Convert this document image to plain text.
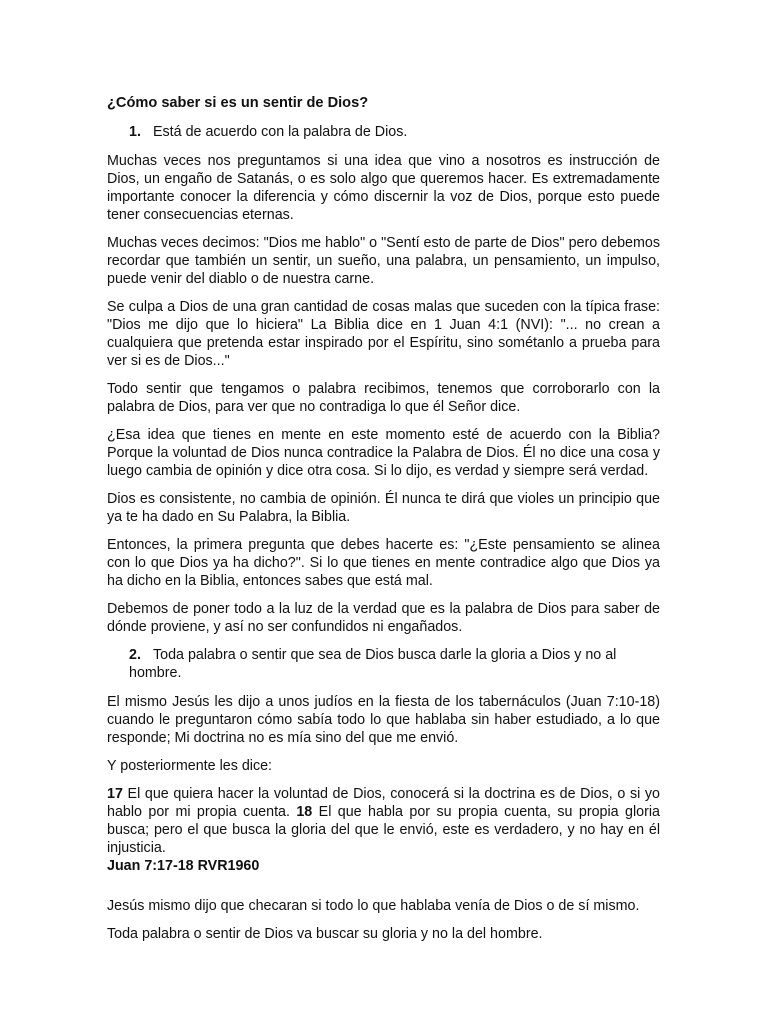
¿Cómo saber si es un sentir de Dios?
1. Está de acuerdo con la palabra de Dios.

Muchas veces nos preguntamos si una idea que vino a nosotros es instrucción de Dios, un engaño de Satanás, o es solo algo que queremos hacer. Es extremadamente importante conocer la diferencia y cómo discernir la voz de Dios, porque esto puede tener consecuencias eternas.

Muchas veces decimos: "Dios me hablo" o "Sentí esto de parte de Dios" pero debemos recordar que también un sentir, un sueño, una palabra, un pensamiento, un impulso, puede venir del diablo o de nuestra carne.

Se culpa a Dios de una gran cantidad de cosas malas que suceden con la típica frase: "Dios me dijo que lo hiciera" La Biblia dice en 1 Juan 4:1 (NVI): "... no crean a cualquiera que pretenda estar inspirado por el Espíritu, sino sométanlo a prueba para ver si es de Dios..."

Todo sentir que tengamos o palabra recibimos, tenemos que corroborarlo con la palabra de Dios, para ver que no contradiga lo que él Señor dice.

¿Esa idea que tienes en mente en este momento esté de acuerdo con la Biblia? Porque la voluntad de Dios nunca contradice la Palabra de Dios. Él no dice una cosa y luego cambia de opinión y dice otra cosa. Si lo dijo, es verdad y siempre será verdad.

Dios es consistente, no cambia de opinión. Él nunca te dirá que violes un principio que ya te ha dado en Su Palabra, la Biblia.

Entonces, la primera pregunta que debes hacerte es: "¿Este pensamiento se alinea con lo que Dios ya ha dicho?". Si lo que tienes en mente contradice algo que Dios ya ha dicho en la Biblia, entonces sabes que está mal.

Debemos de poner todo a la luz de la verdad que es la palabra de Dios para saber de dónde proviene, y así no ser confundidos ni engañados.

2. Toda palabra o sentir que sea de Dios busca darle la gloria a Dios y no al hombre.

El mismo Jesús les dijo a unos judíos en la fiesta de los tabernáculos (Juan 7:10-18) cuando le preguntaron cómo sabía todo lo que hablaba sin haber estudiado, a lo que responde; Mi doctrina no es mía sino del que me envió.

Y posteriormente les dice:

17 El que quiera hacer la voluntad de Dios, conocerá si la doctrina es de Dios, o si yo hablo por mi propia cuenta. 18 El que habla por su propia cuenta, su propia gloria busca; pero el que busca la gloria del que le envió, este es verdadero, y no hay en él injusticia.

Juan 7:17-18 RVR1960

Jesús mismo dijo que checaran si todo lo que hablaba venía de Dios o de sí mismo.

Toda palabra o sentir de Dios va buscar su gloria y no la del hombre.
